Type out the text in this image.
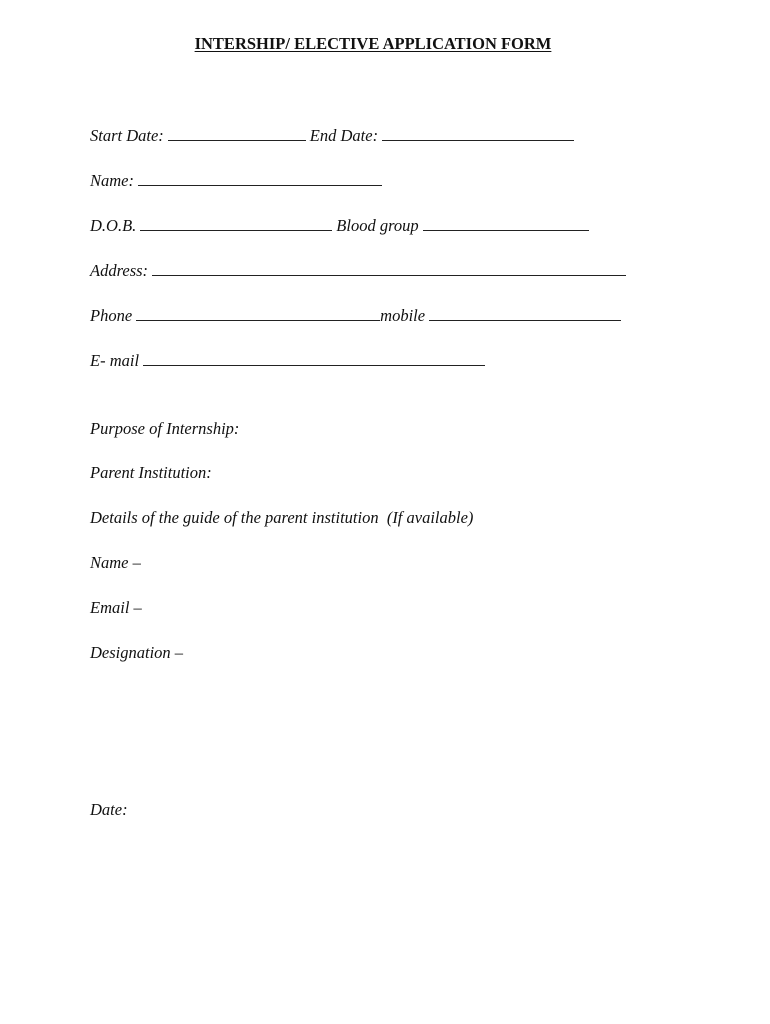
INTERSHIP/ ELECTIVE APPLICATION FORM
Start Date:	End Date:
Name:
D.O.B.	Blood group
Address:
Phone	mobile
E- mail
Purpose of Internship:
Parent Institution:
Details of the guide of the parent institution  (If available)
Name –
Email –
Designation –
Date:
